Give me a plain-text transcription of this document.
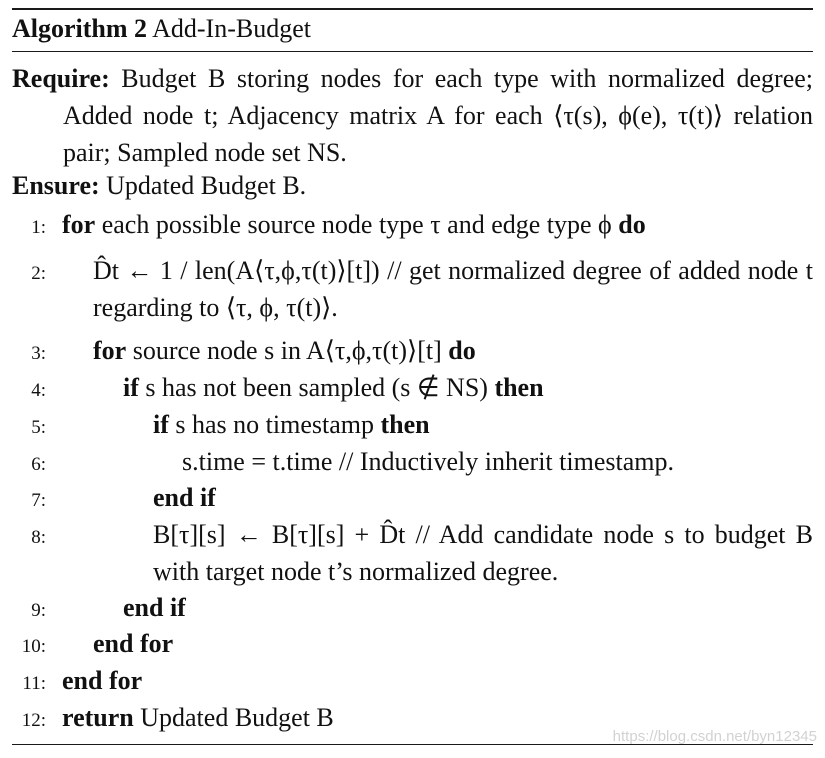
Algorithm 2 Add-In-Budget
Require: Budget B storing nodes for each type with normalized degree; Added node t; Adjacency matrix A for each ⟨τ(s), ϕ(e), τ(t)⟩ relation pair; Sampled node set NS.
Ensure: Updated Budget B.
1: for each possible source node type τ and edge type ϕ do
2: D̂t ← 1 / len(A⟨τ,ϕ,τ(t)⟩[t]) // get normalized degree of added node t regarding to ⟨τ, ϕ, τ(t)⟩.
3: for source node s in A⟨τ,ϕ,τ(t)⟩[t] do
4:	if s has not been sampled (s ∉ NS) then
5:	if s has no timestamp then
6:	s.time = t.time // Inductively inherit timestamp.
7:	end if
8:	B[τ][s] ← B[τ][s] + D̂t // Add candidate node s to budget B with target node t’s normalized degree.
9:	end if
10: end for
11: end for
12: return Updated Budget B
https://blog.csdn.net/byn12345
